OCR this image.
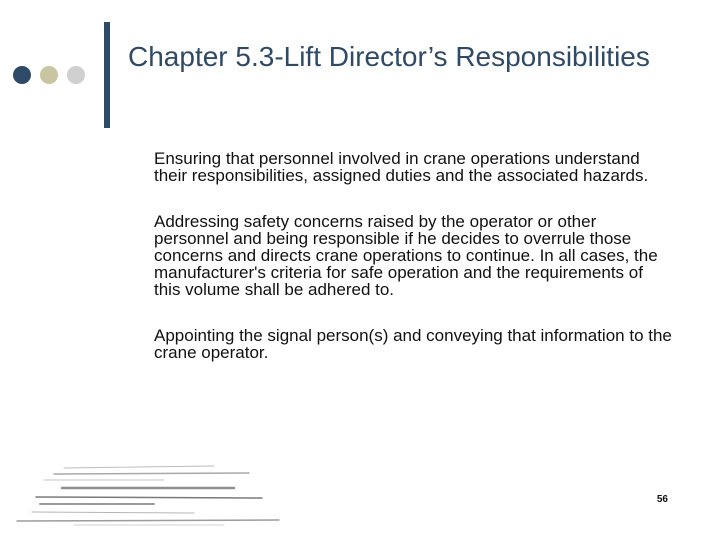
Chapter 5.3-Lift Director’s Responsibilities
Ensuring that personnel involved in crane operations understand their responsibilities, assigned duties and the associated hazards.
Addressing safety concerns raised by the operator or other personnel and being responsible if he decides to overrule those concerns and directs crane operations to continue. In all cases, the manufacturer's criteria for safe operation and the requirements of this volume shall be adhered to.
Appointing the signal person(s) and conveying that information to the crane operator.
56
